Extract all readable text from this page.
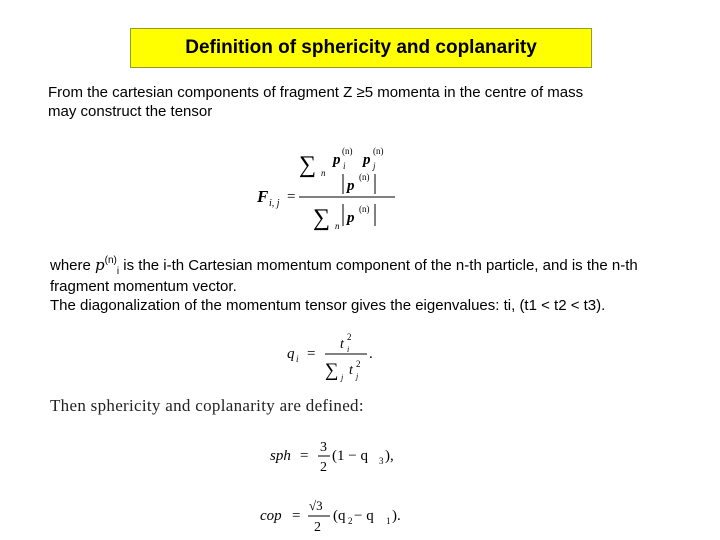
Definition of sphericity and coplanarity
From the cartesian components of fragment Z ≥5 momenta in the centre of mass may construct the tensor
F i, j =
∑ n
p
(n)
i p
(n)
j
p
(n)
∑ n p
(n)
where $p^{(n)}_i$ is the i-th Cartesian momentum component of the n-th particle, and is the n-th fragment momentum vector.
The diagonalization of the momentum tensor gives the eigenvalues: ti, (t1 < t2 < t3).
q i =
t 2
i
∑ j t 2
j
.
Then sphericity and coplanarity are defined:
sph =
3
2
(1 − q 3 ),
cop =
√3
2
(q 2 − q 1 ).
